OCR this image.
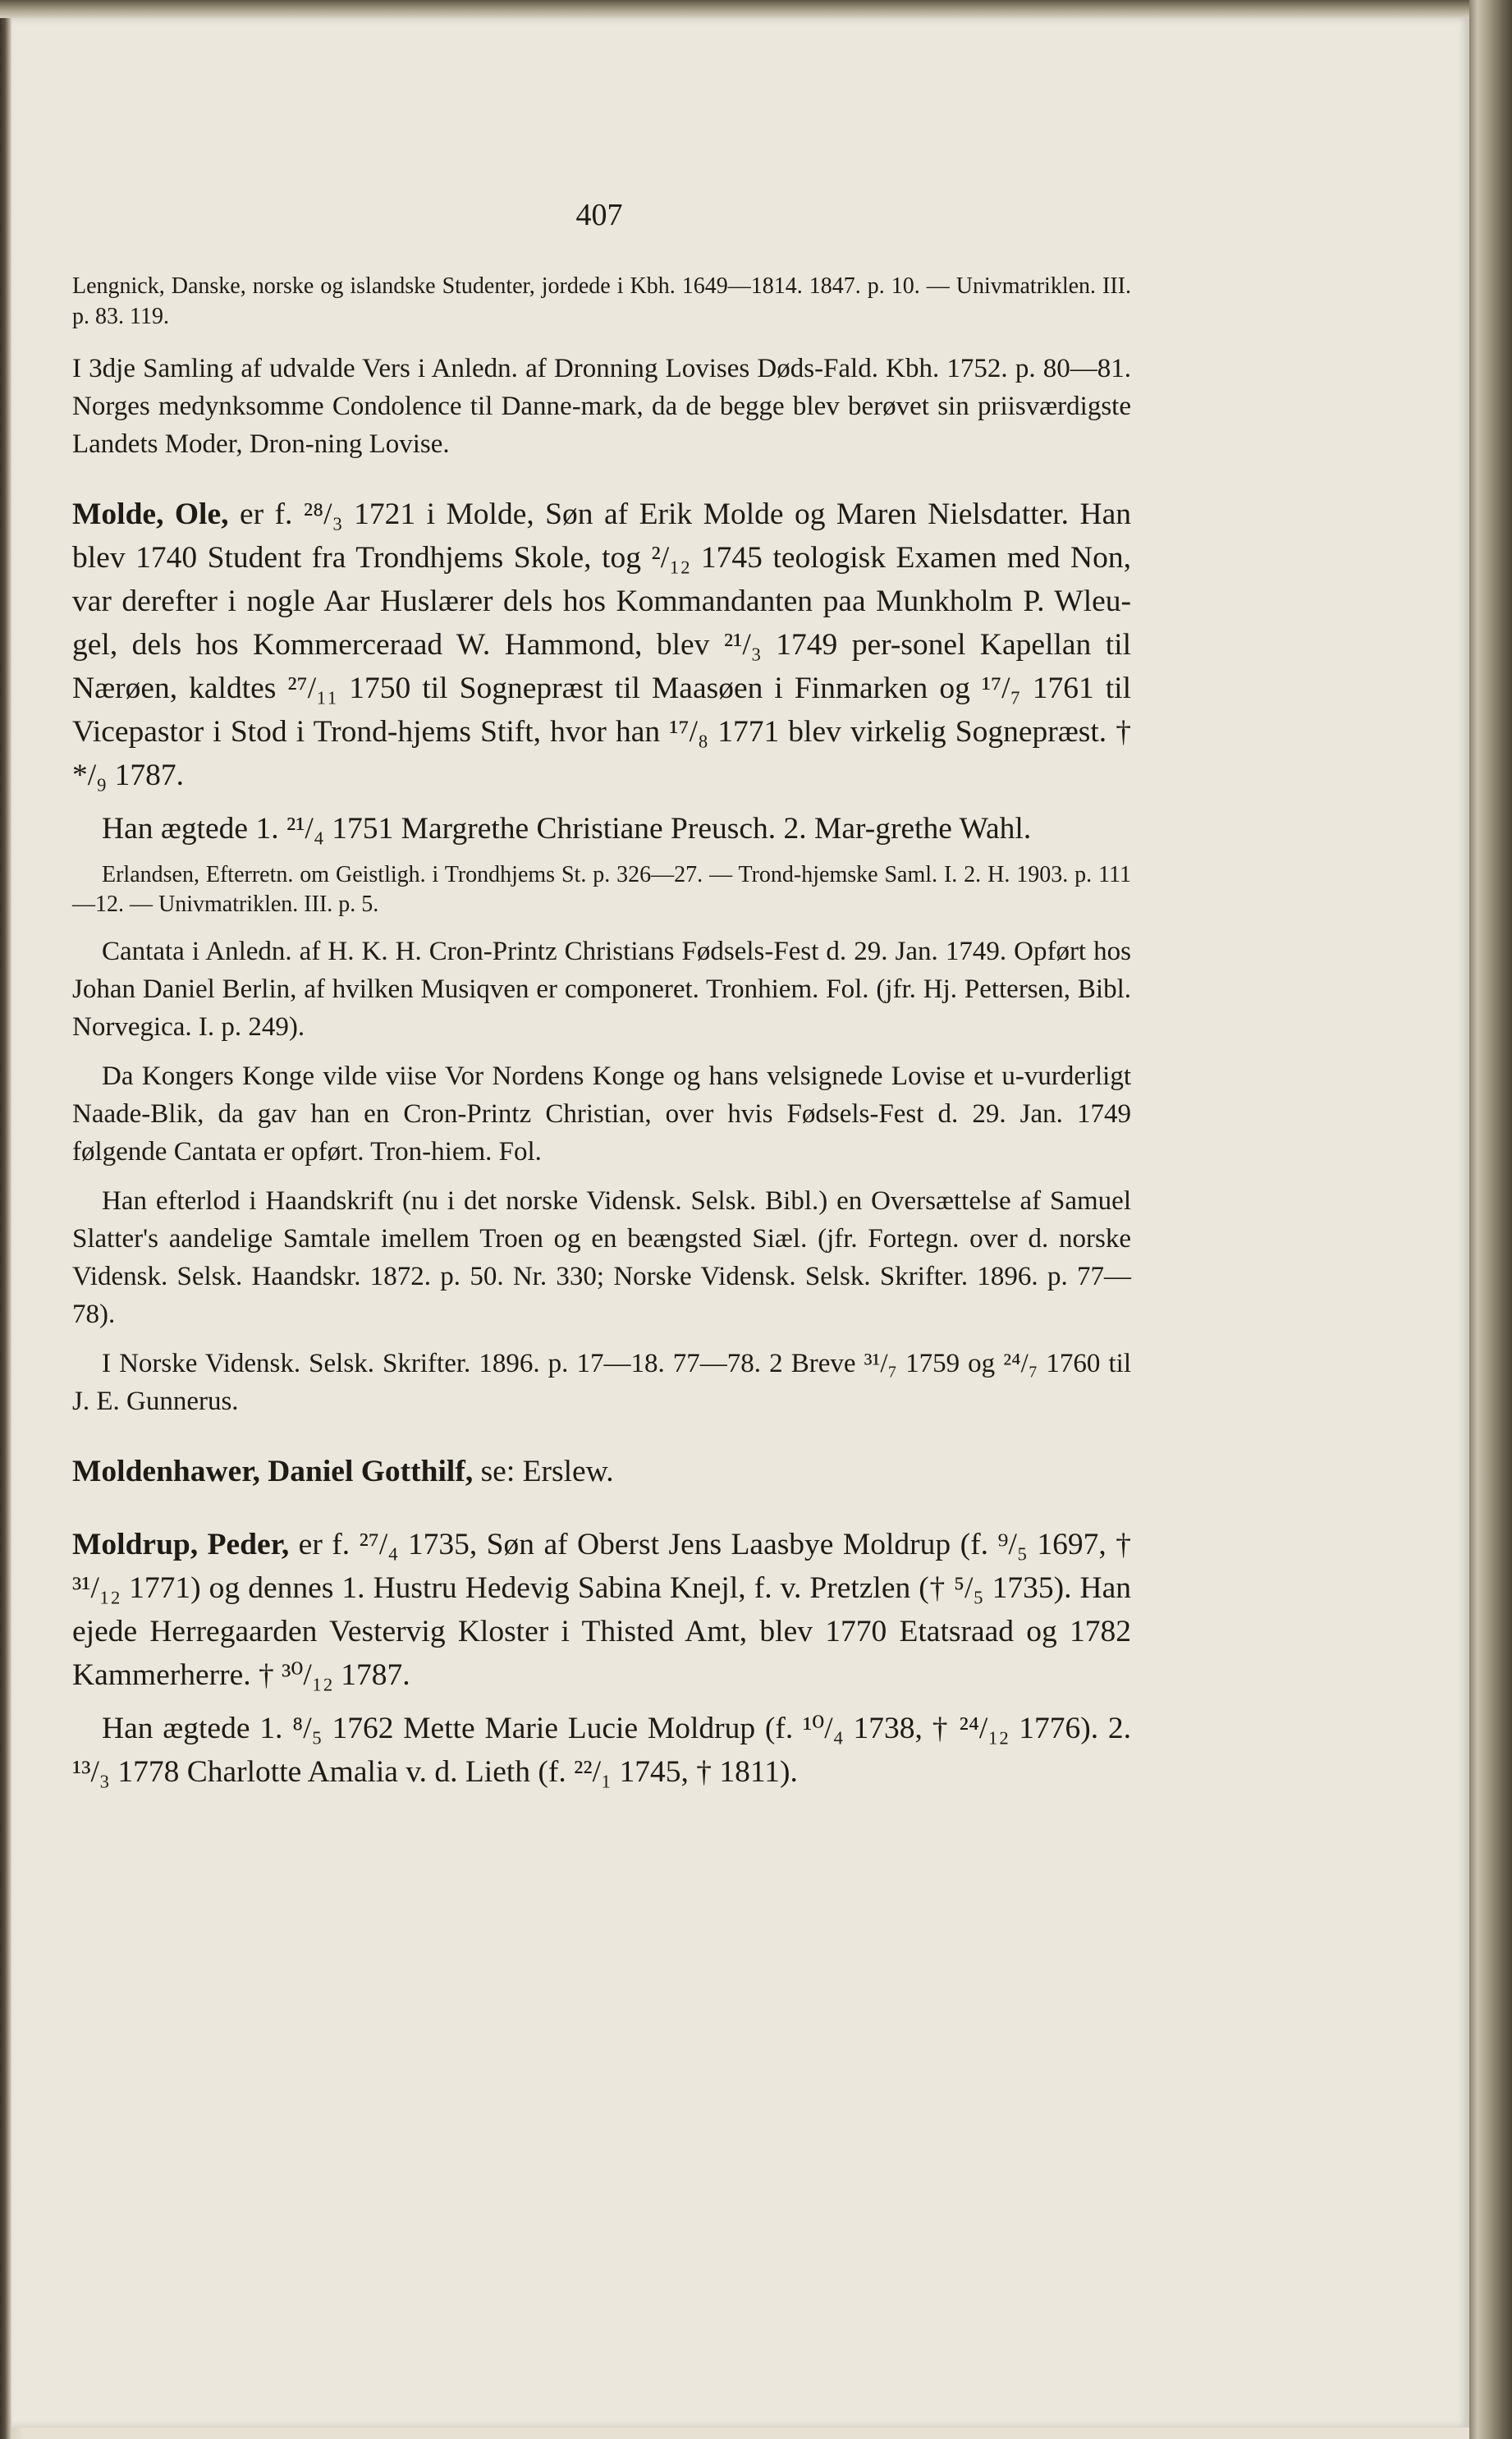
407

Lengnick, Danske, norske og islandske Studenter, jordede i Kbh. 1649—1814. 1847. p. 10. — Univmatriklen. III. p. 83. 119.

I 3dje Samling af udvalde Vers i Anledn. af Dronning Lovises Døds-Fald. Kbh. 1752. p. 80—81. Norges medynksomme Condolence til Danne-mark, da de begge blev berøvet sin priisværdigste Landets Moder, Dron-ning Lovise.

Molde, Ole, er f. ²⁸/₃ 1721 i Molde, Søn af Erik Molde og Maren Nielsdatter. Han blev 1740 Student fra Trondhjems Skole, tog ²/₁₂ 1745 teologisk Examen med Non, var derefter i nogle Aar Huslærer dels hos Kommandanten paa Munkholm P. Wleu-gel, dels hos Kommerceraad W. Hammond, blev ²¹/₃ 1749 per-sonel Kapellan til Nærøen, kaldtes ²⁷/₁₁ 1750 til Sognepræst til Maasøen i Finmarken og ¹⁷/₇ 1761 til Vicepastor i Stod i Trond-hjems Stift, hvor han ¹⁷/₈ 1771 blev virkelig Sognepræst. † */₉ 1787.

Han ægtede 1. ²¹/₄ 1751 Margrethe Christiane Preusch. 2. Mar-grethe Wahl.

Erlandsen, Efterretn. om Geistligh. i Trondhjems St. p. 326—27. — Trond-hjemske Saml. I. 2. H. 1903. p. 111—12. — Univmatriklen. III. p. 5.

Cantata i Anledn. af H. K. H. Cron-Printz Christians Fødsels-Fest d. 29. Jan. 1749. Opført hos Johan Daniel Berlin, af hvilken Musiqven er componeret. Tronhiem. Fol. (jfr. Hj. Pettersen, Bibl. Norvegica. I. p. 249).

Da Kongers Konge vilde viise Vor Nordens Konge og hans velsignede Lovise et u-vurderligt Naade-Blik, da gav han en Cron-Printz Christian, over hvis Fødsels-Fest d. 29. Jan. 1749 følgende Cantata er opført. Tron-hiem. Fol.

Han efterlod i Haandskrift (nu i det norske Vidensk. Selsk. Bibl.) en Oversættelse af Samuel Slatter's aandelige Samtale imellem Troen og en beængsted Siæl. (jfr. Fortegn. over d. norske Vidensk. Selsk. Haandskr. 1872. p. 50. Nr. 330; Norske Vidensk. Selsk. Skrifter. 1896. p. 77—78).

I Norske Vidensk. Selsk. Skrifter. 1896. p. 17—18. 77—78. 2 Breve ³¹/₇ 1759 og ²⁴/₇ 1760 til J. E. Gunnerus.

Moldenhawer, Daniel Gotthilf, se: Erslew.

Moldrup, Peder, er f. ²⁷/₄ 1735, Søn af Oberst Jens Laasbye Moldrup (f. ⁹/₅ 1697, † ³¹/₁₂ 1771) og dennes 1. Hustru Hedevig Sabina Knejl, f. v. Pretzlen († ⁵/₅ 1735). Han ejede Herregaarden Vestervig Kloster i Thisted Amt, blev 1770 Etatsraad og 1782 Kammerherre. † ³⁰/₁₂ 1787.

Han ægtede 1. ⁸/₅ 1762 Mette Marie Lucie Moldrup (f. ¹⁰/₄ 1738, † ²⁴/₁₂ 1776). 2. ¹³/₃ 1778 Charlotte Amalia v. d. Lieth (f. ²²/₁ 1745, † 1811).
